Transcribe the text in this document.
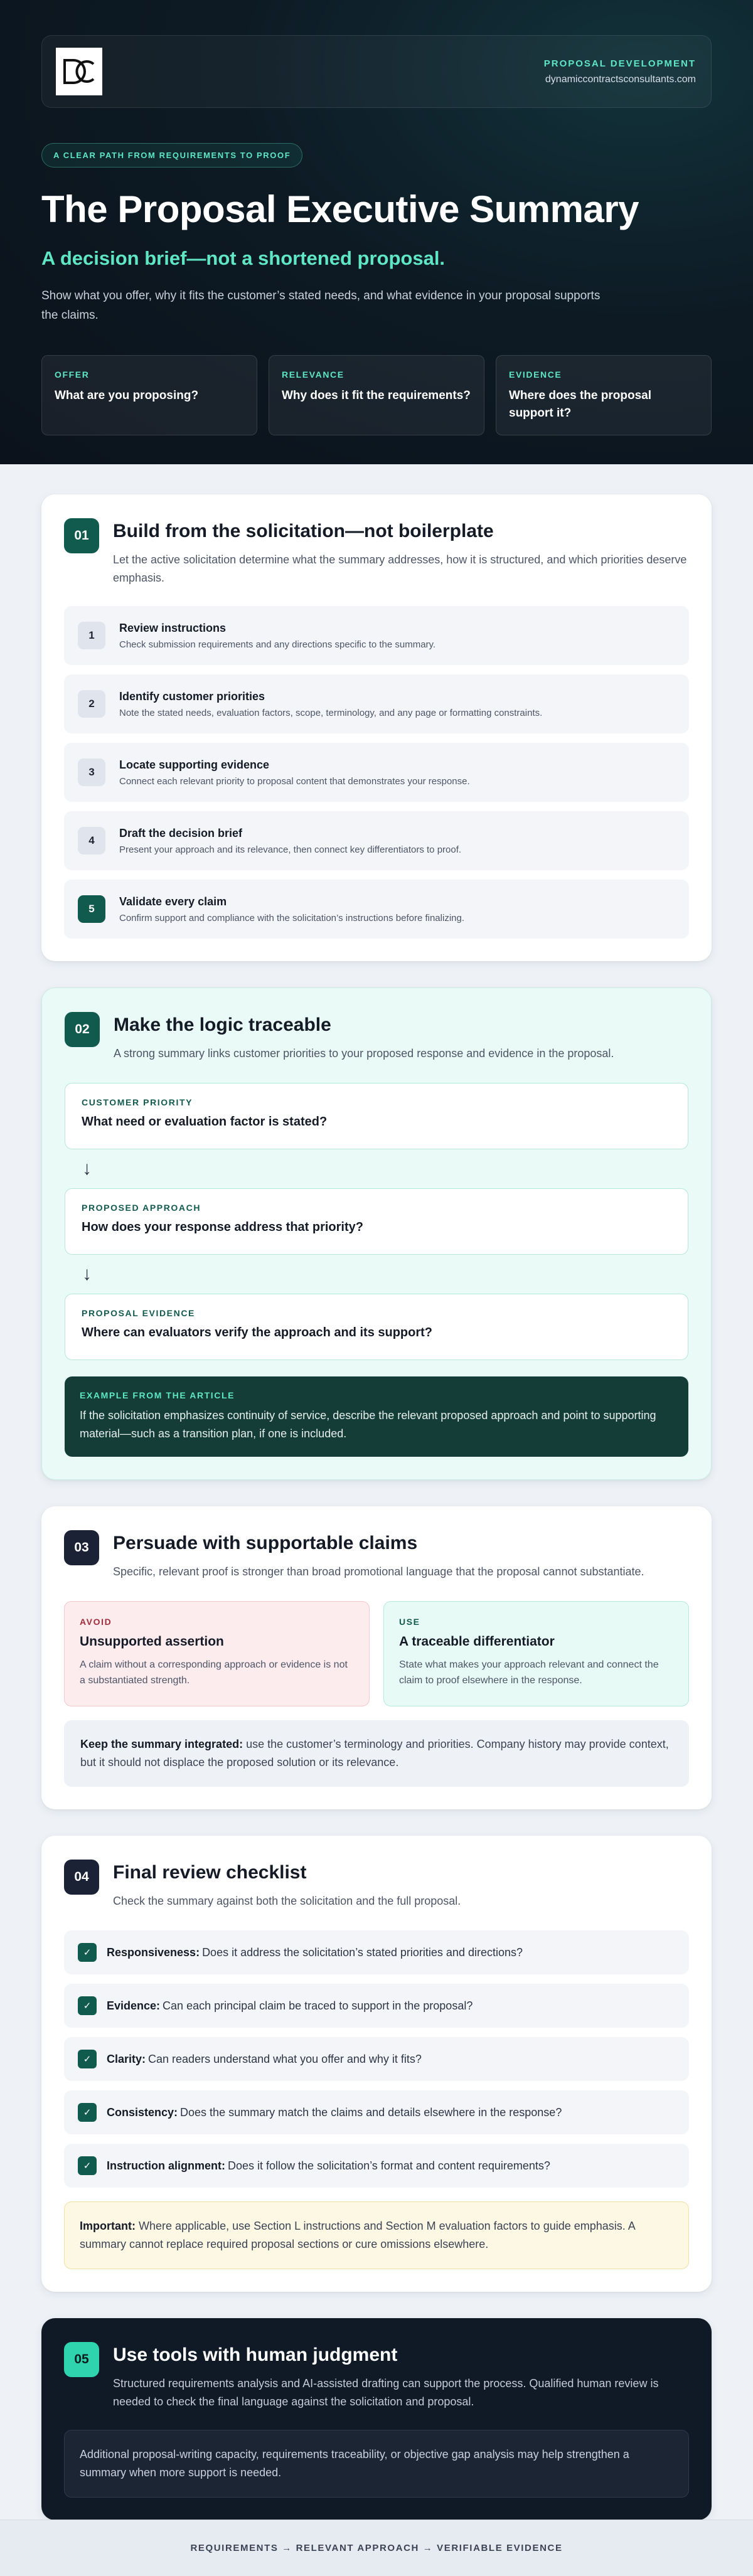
PROPOSAL DEVELOPMENT
dynamiccontractsconsultants.com
A CLEAR PATH FROM REQUIREMENTS TO PROOF
The Proposal Executive Summary
A decision brief—not a shortened proposal.

Show what you offer, why it fits the customer’s stated needs, and what evidence in your proposal supports the claims.

OFFER
What are you proposing?
RELEVANCE
Why does it fit the requirements?
EVIDENCE
Where does the proposal support it?
01	Build from the solicitation—not boilerplate

Let the active solicitation determine what the summary addresses, how it is structured, and which priorities deserve emphasis.

1
Review instructions
Check submission requirements and any directions specific to the summary.
2
Identify customer priorities
Note the stated needs, evaluation factors, scope, terminology, and any page or formatting constraints.
3
Locate supporting evidence
Connect each relevant priority to proposal content that demonstrates your response.
4
Draft the decision brief
Present your approach and its relevance, then connect key differentiators to proof.
5
Validate every claim
Confirm support and compliance with the solicitation’s instructions before finalizing.
02	Make the logic traceable

A strong summary links customer priorities to your proposed response and evidence in the proposal.

CUSTOMER PRIORITY
What need or evaluation factor is stated?
↓
PROPOSED APPROACH
How does your response address that priority?
↓
PROPOSAL EVIDENCE
Where can evaluators verify the approach and its support?
EXAMPLE FROM THE ARTICLE
If the solicitation emphasizes continuity of service, describe the relevant proposed approach and point to supporting material—such as a transition plan, if one is included.
03	Persuade with supportable claims

Specific, relevant proof is stronger than broad promotional language that the proposal cannot substantiate.

AVOID
Unsupported assertion
A claim without a corresponding approach or evidence is not a substantiated strength.
USE
A traceable differentiator
State what makes your approach relevant and connect the claim to proof elsewhere in the response.
Keep the summary integrated: use the customer’s terminology and priorities. Company history may provide context, but it should not displace the proposed solution or its relevance.
04	Final review checklist

Check the summary against both the solicitation and the full proposal.

✓	Responsiveness: Does it address the solicitation’s stated priorities and directions?
✓	Evidence: Can each principal claim be traced to support in the proposal?
✓	Clarity: Can readers understand what you offer and why it fits?
✓	Consistency: Does the summary match the claims and details elsewhere in the response?
✓	Instruction alignment: Does it follow the solicitation’s format and content requirements?
Important: Where applicable, use Section L instructions and Section M evaluation factors to guide emphasis. A summary cannot replace required proposal sections or cure omissions elsewhere.
05	Use tools with human judgment

Structured requirements analysis and AI-assisted drafting can support the process. Qualified human review is needed to check the final language against the solicitation and proposal.

Additional proposal-writing capacity, requirements traceability, or objective gap analysis may help strengthen a summary when more support is needed.
REQUIREMENTS → RELEVANT APPROACH → VERIFIABLE EVIDENCE
